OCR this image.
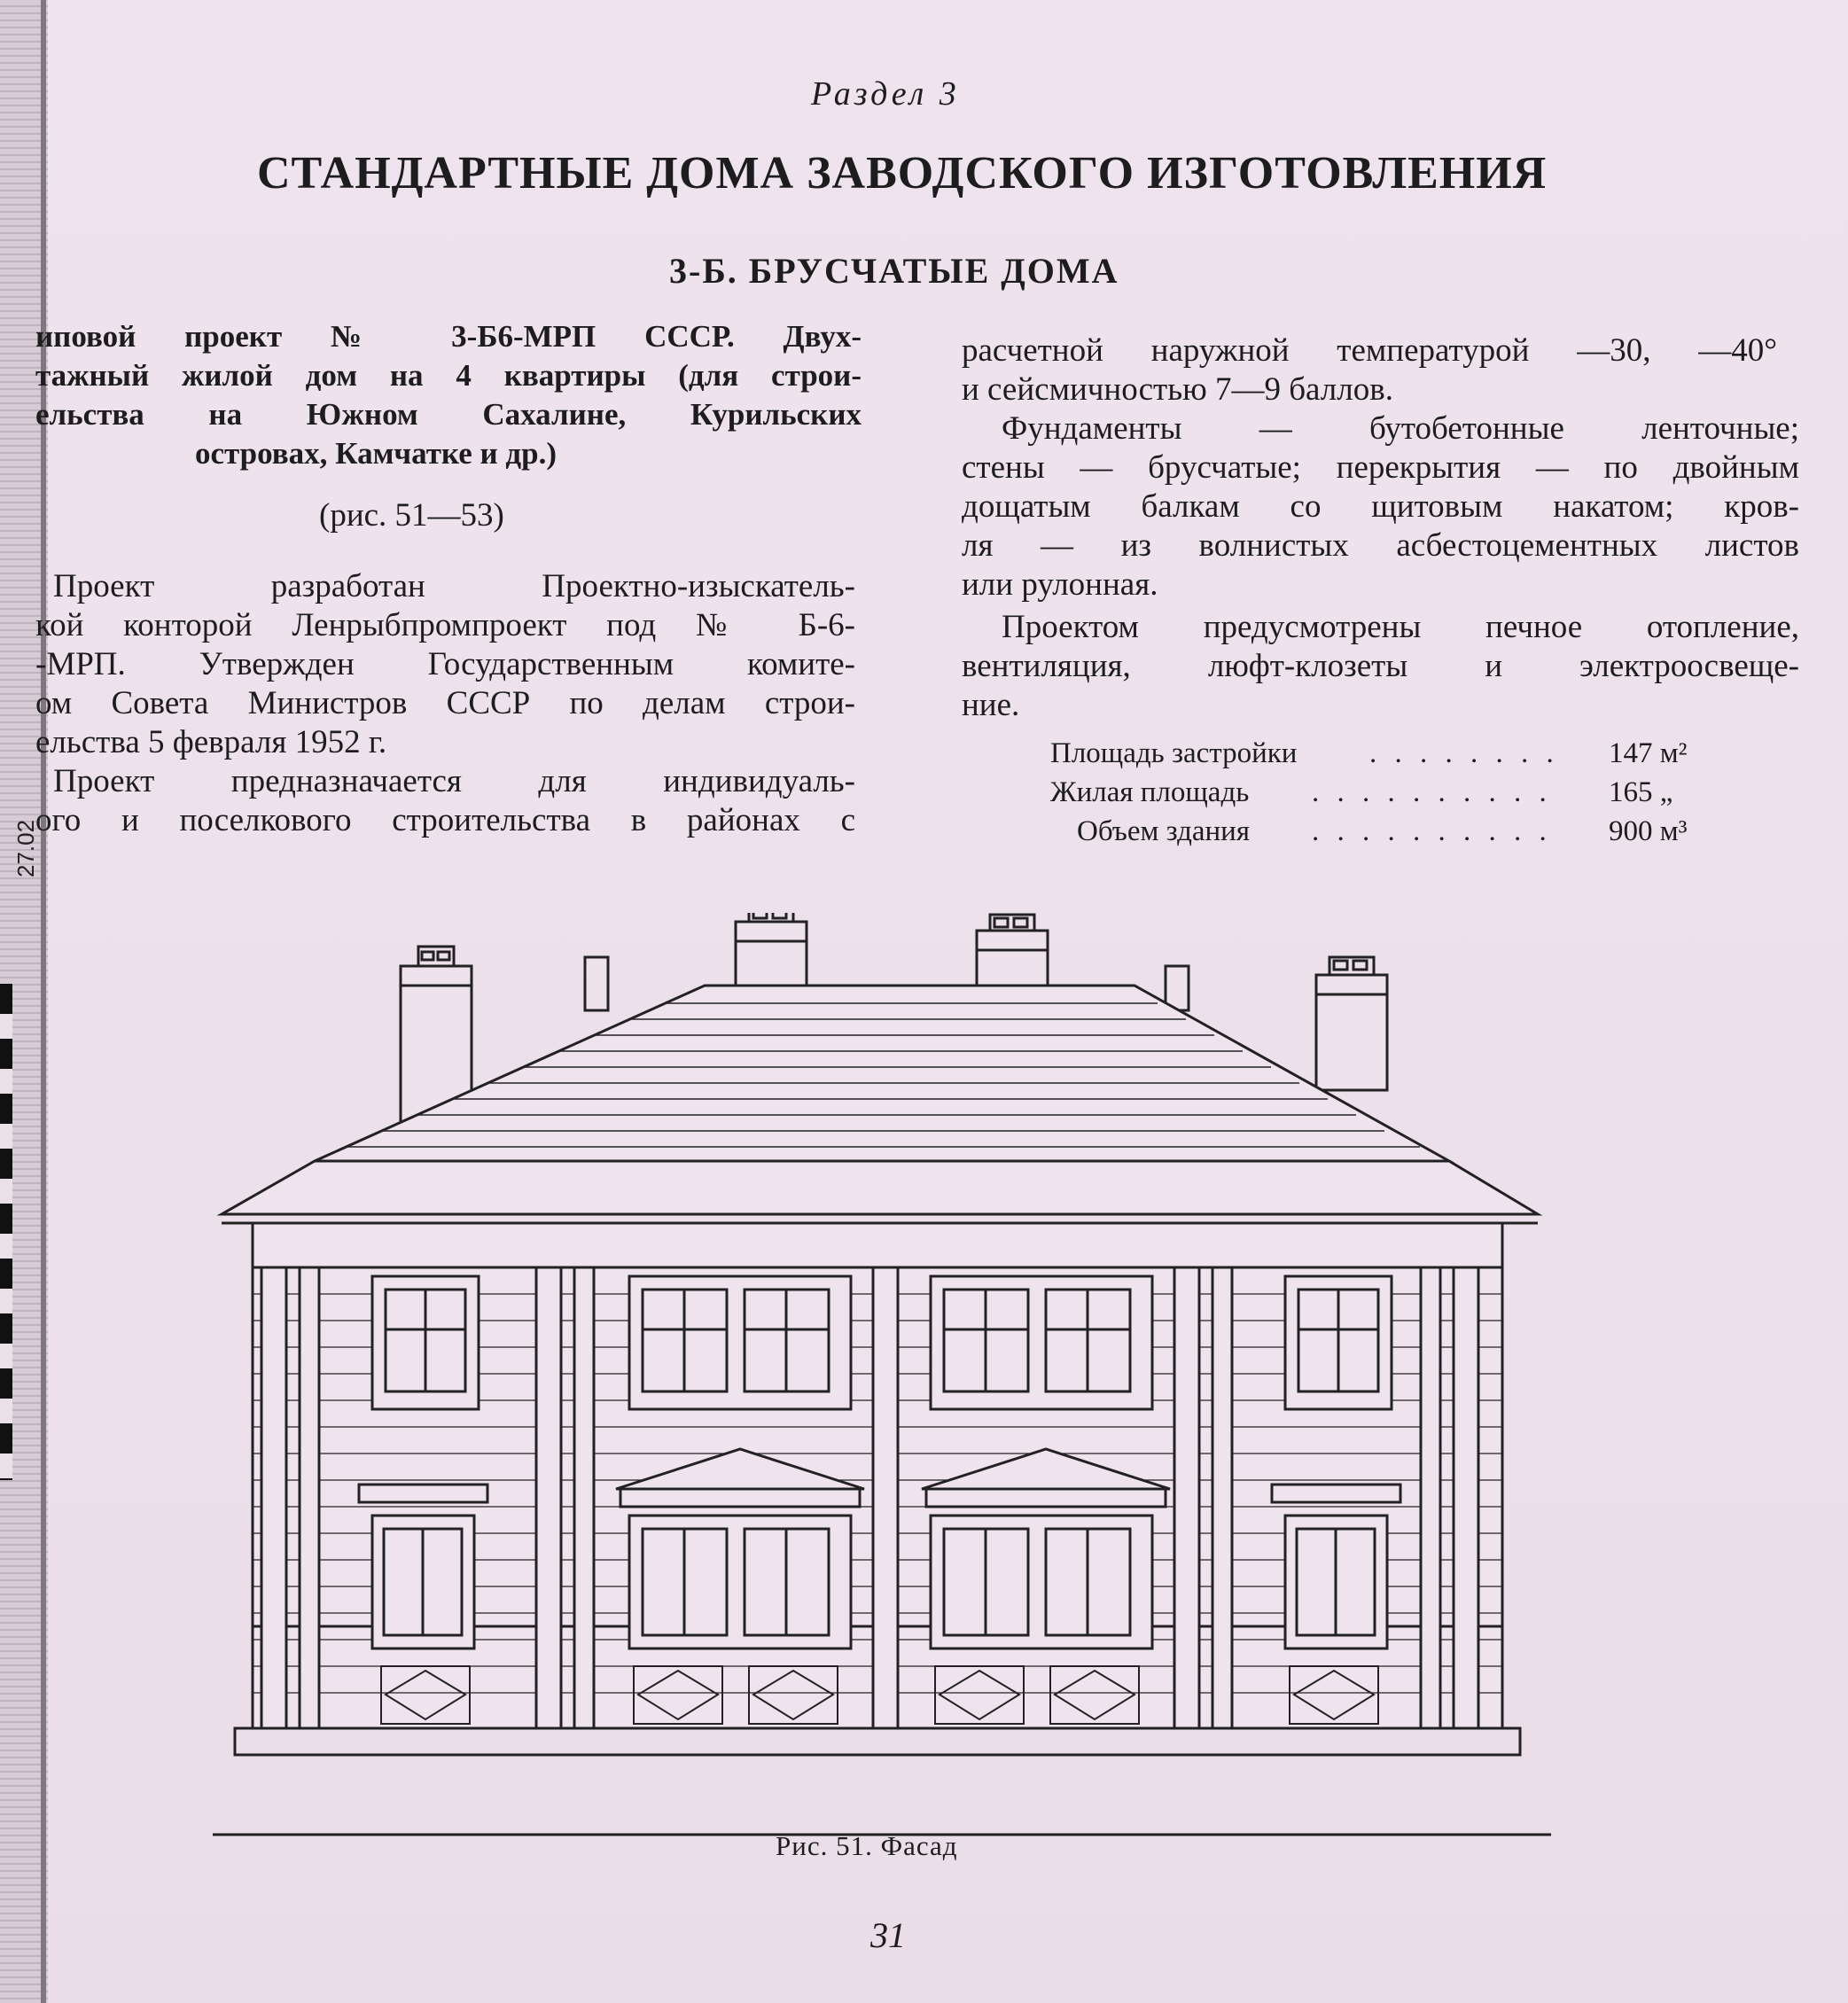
27.02
Раздел 3
СТАНДАРТНЫЕ ДОМА ЗАВОДСКОГО ИЗГОТОВЛЕНИЯ
3-Б. БРУСЧАТЫЕ ДОМА
иповой проект № 3-Б6-МРП СССР. Двух-
тажный жилой дом на 4 квартиры (для строи-
ельства на Южном Сахалине, Курильских
островах, Камчатке и др.)
(рис. 51—53)
Проект разработан Проектно-изыскатель-
кой конторой Ленрыбпромпроект под № Б-6-
-МРП. Утвержден Государственным комите-
ом Совета Министров СССР по делам строи-
ельства 5 февраля 1952 г.
Проект предназначается для индивидуаль-
ого и поселкового строительства в районах с
расчетной наружной температурой —30, —40°
и сейсмичностью 7—9 баллов.
Фундаменты — бутобетонные ленточные;
стены — брусчатые; перекрытия — по двойным
дощатым балкам со щитовым накатом; кров-
ля — из волнистых асбестоцементных листов
или рулонная.
Проектом предусмотрены печное отопление,
вентиляция, люфт-клозеты и электроосвеще-
ние.
Площадь застройки . . . . . . . . 147 м²
Жилая площадь . . . . . . . . . . 165 „
Объем здания . . . . . . . . . . 900 м³
Рис. 51. Фасад
31
